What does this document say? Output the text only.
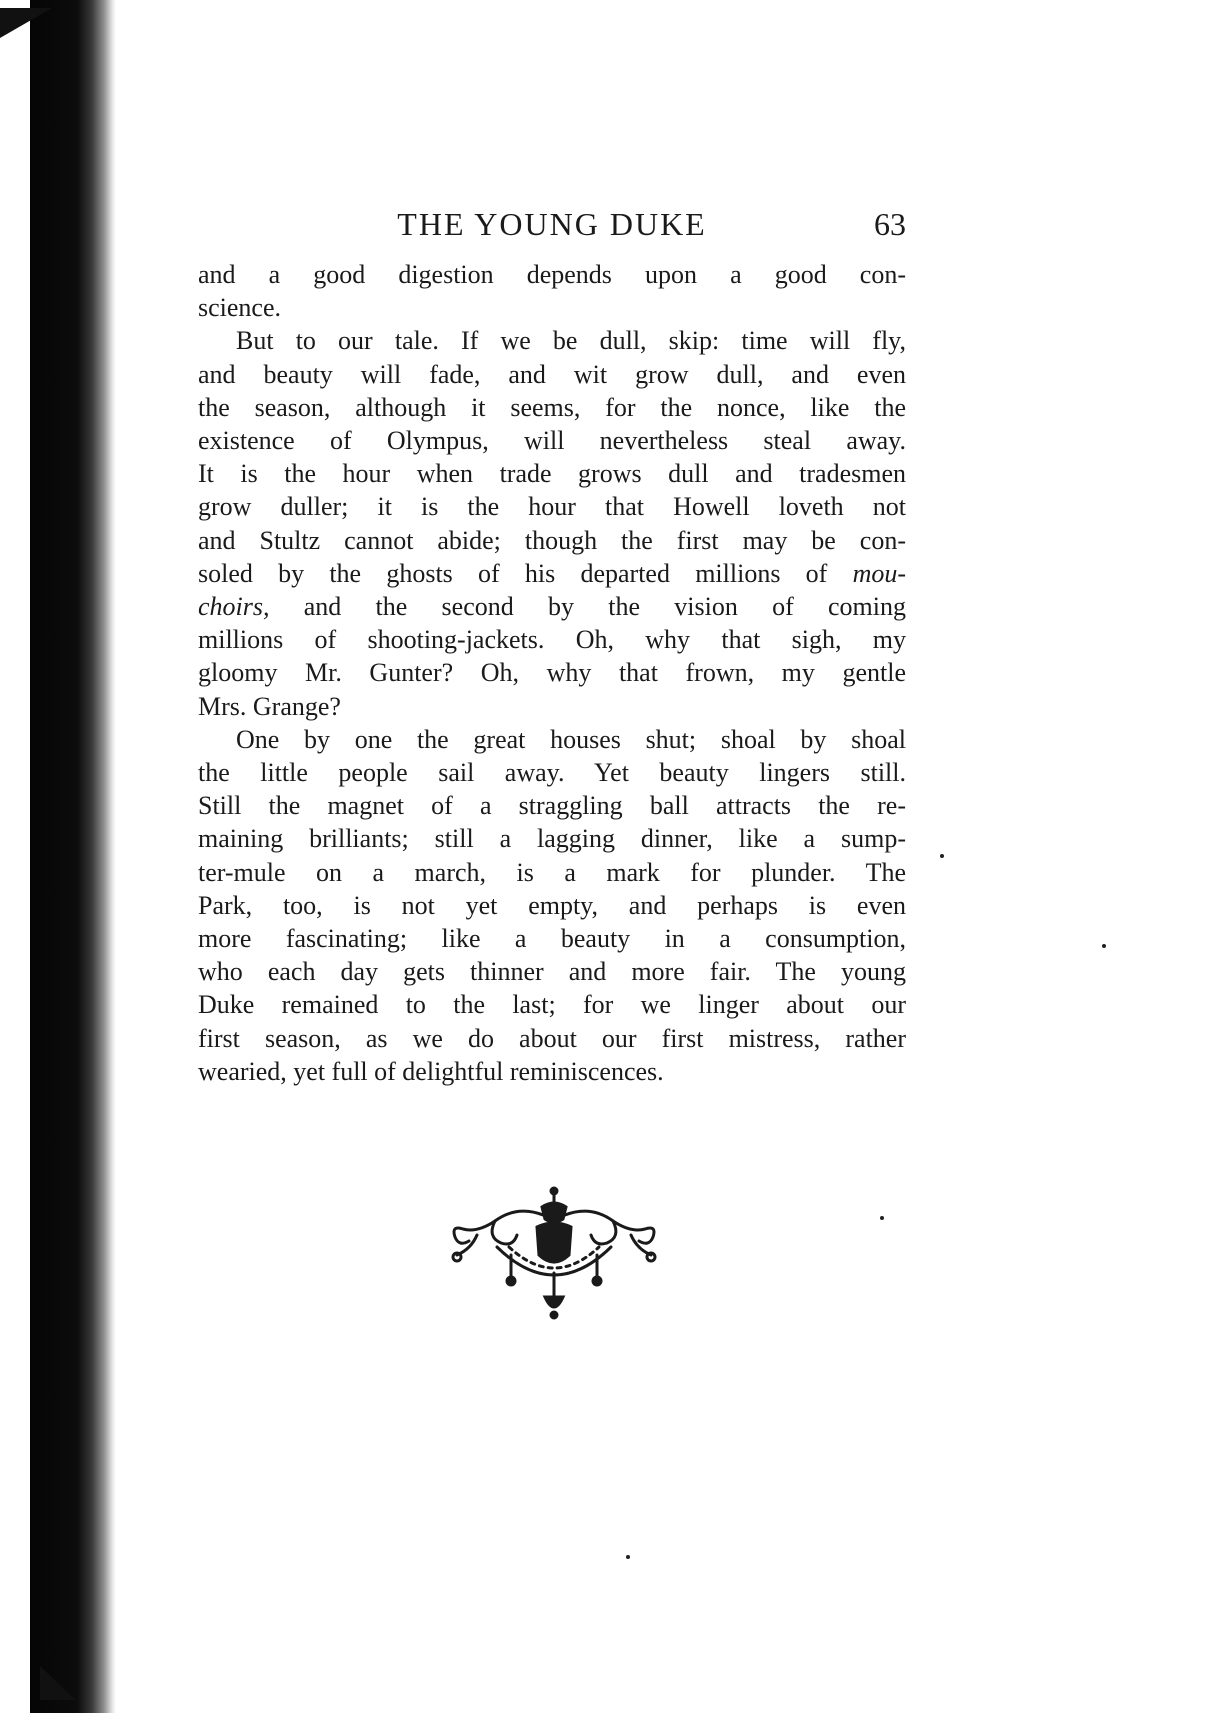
THE YOUNG DUKE	63

and a good digestion depends upon a good con-
science.

But to our tale. If we be dull, skip: time will fly,
and beauty will fade, and wit grow dull, and even
the season, although it seems, for the nonce, like the
existence of Olympus, will nevertheless steal away.
It is the hour when trade grows dull and tradesmen
grow duller; it is the hour that Howell loveth not
and Stultz cannot abide; though the first may be con-
soled by the ghosts of his departed millions of mou-
choirs, and the second by the vision of coming
millions of shooting-jackets. Oh, why that sigh, my
gloomy Mr. Gunter? Oh, why that frown, my gentle
Mrs. Grange?

One by one the great houses shut; shoal by shoal
the little people sail away. Yet beauty lingers still.
Still the magnet of a straggling ball attracts the re-
maining brilliants; still a lagging dinner, like a sump-
ter-mule on a march, is a mark for plunder. The
Park, too, is not yet empty, and perhaps is even
more fascinating; like a beauty in a consumption,
who each day gets thinner and more fair. The young
Duke remained to the last; for we linger about our
first season, as we do about our first mistress, rather
wearied, yet full of delightful reminiscences.
